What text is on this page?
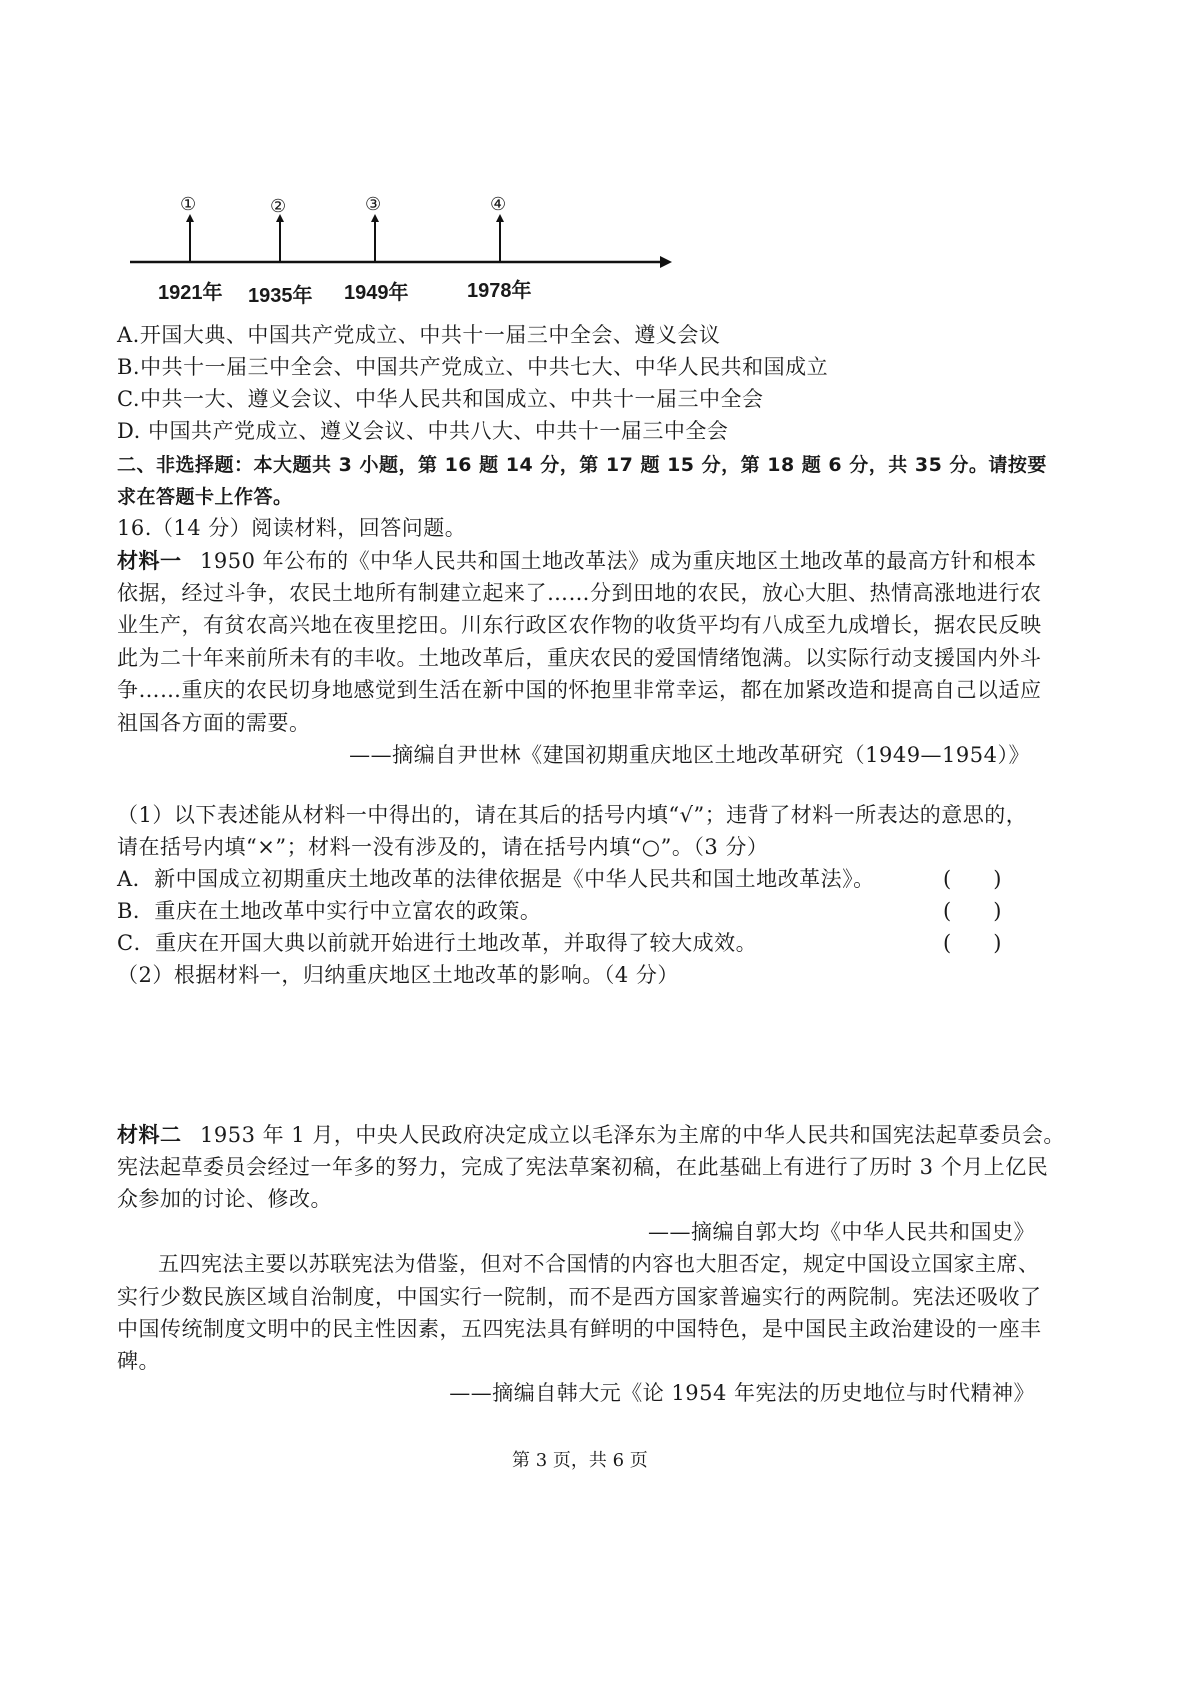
①	②	③	④
1921年 1935年 1949年	1978年
A.开国大典、中国共产党成立、中共十一届三中全会、遵义会议
B.中共十一届三中全会、中国共产党成立、中共七大、中华人民共和国成立
C.中共一大、遵义会议、中华人民共和国成立、中共十一届三中全会
D. 中国共产党成立、遵义会议、中共八大、中共十一届三中全会
二、非选择题：本大题共 3 小题，第 16 题 14 分，第 17 题 15 分，第 18 题 6 分，共 35 分。请按要
求在答题卡上作答。
16.（14 分）阅读材料，回答问题。
材料一 1950 年公布的《中华人民共和国土地改革法》成为重庆地区土地改革的最高方针和根本
依据，经过斗争，农民土地所有制建立起来了……分到田地的农民，放心大胆、热情高涨地进行农
业生产，有贫农高兴地在夜里挖田。川东行政区农作物的收货平均有八成至九成增长，据农民反映
此为二十年来前所未有的丰收。土地改革后，重庆农民的爱国情绪饱满。以实际行动支援国内外斗
争……重庆的农民切身地感觉到生活在新中国的怀抱里非常幸运，都在加紧改造和提高自己以适应
祖国各方面的需要。
——摘编自尹世林《建国初期重庆地区土地改革研究（1949—1954）》
（1）以下表述能从材料一中得出的，请在其后的括号内填“√”；违背了材料一所表达的意思的，
请在括号内填“×”；材料一没有涉及的，请在括号内填“○”。（3 分）
A．新中国成立初期重庆土地改革的法律依据是《中华人民共和国土地改革法》。	(　　)
B．重庆在土地改革中实行中立富农的政策。	(　　)
C．重庆在开国大典以前就开始进行土地改革，并取得了较大成效。	(　　)
（2）根据材料一，归纳重庆地区土地改革的影响。（4 分）
材料二 1953 年 1 月，中央人民政府决定成立以毛泽东为主席的中华人民共和国宪法起草委员会。
宪法起草委员会经过一年多的努力，完成了宪法草案初稿，在此基础上有进行了历时 3 个月上亿民
众参加的讨论、修改。
——摘编自郭大均《中华人民共和国史》
五四宪法主要以苏联宪法为借鉴，但对不合国情的内容也大胆否定，规定中国设立国家主席、
实行少数民族区域自治制度，中国实行一院制，而不是西方国家普遍实行的两院制。宪法还吸收了
中国传统制度文明中的民主性因素，五四宪法具有鲜明的中国特色，是中国民主政治建设的一座丰
碑。
——摘编自韩大元《论 1954 年宪法的历史地位与时代精神》
第 3 页，共 6 页
